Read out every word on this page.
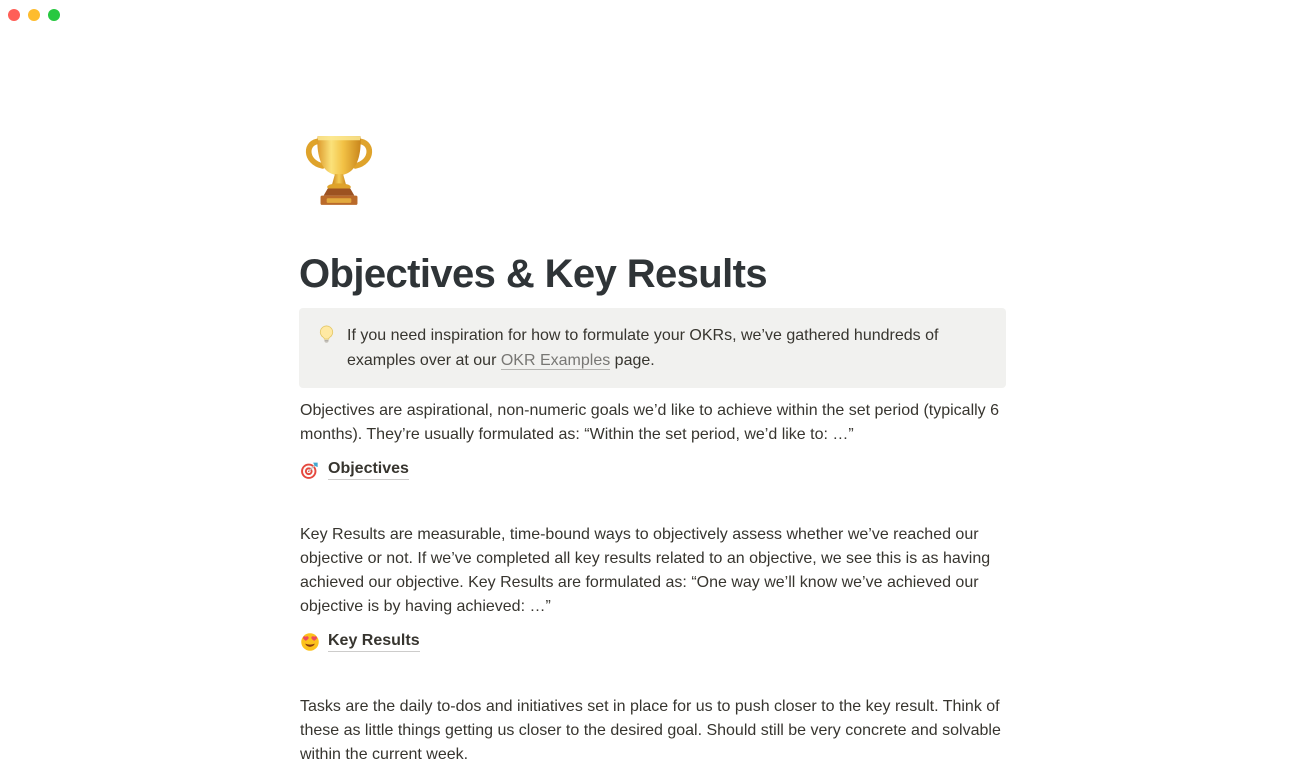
Objectives & Key Results

If you need inspiration for how to formulate your OKRs, we’ve gathered hundreds of examples over at our OKR Examples page.

Objectives are aspirational, non-numeric goals we’d like to achieve within the set period (typically 6 months). They’re usually formulated as: “Within the set period, we’d like to: …”

Objectives

Key Results are measurable, time-bound ways to objectively assess whether we’ve reached our objective or not. If we’ve completed all key results related to an objective, we see this is as having achieved our objective. Key Results are formulated as: “One way we’ll know we’ve achieved our objective is by having achieved: …”

Key Results

Tasks are the daily to-dos and initiatives set in place for us to push closer to the key result. Think of these as little things getting us closer to the desired goal. Should still be very concrete and solvable within the current week.
